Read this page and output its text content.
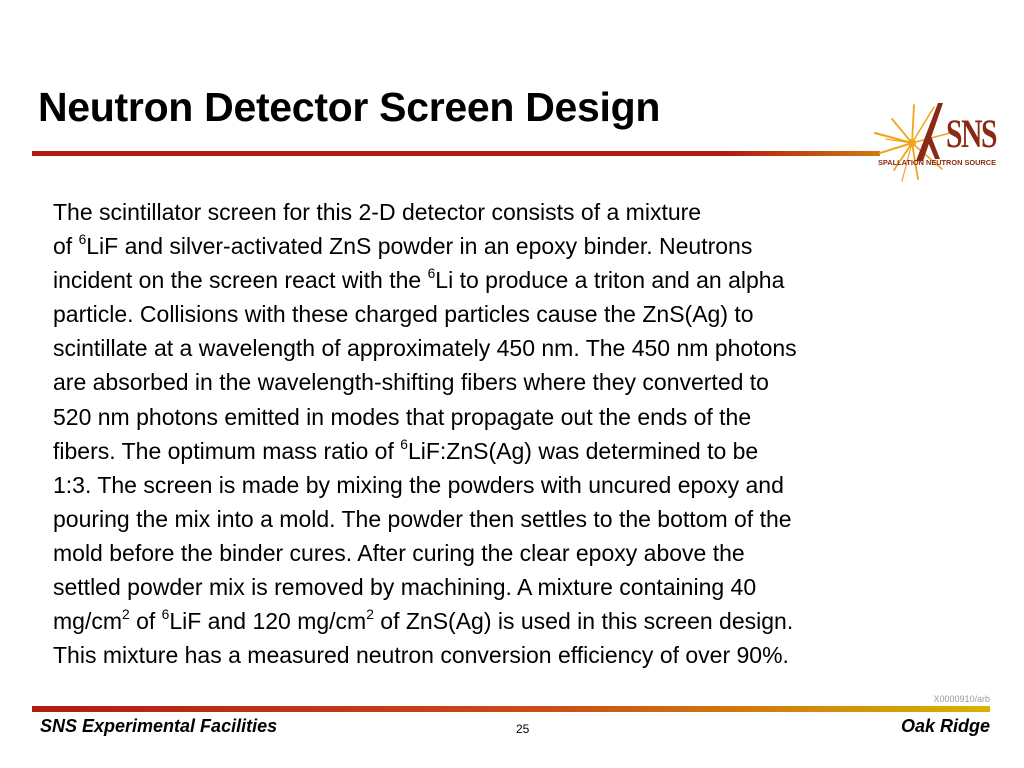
Neutron Detector Screen Design
SNS
SPALLATION NEUTRON SOURCE

The scintillator screen for this 2-D detector consists of a mixture

of $^6$LiF and silver-activated ZnS powder in an epoxy binder. Neutrons

incident on the screen react with the $^6$Li to produce a triton and an alpha

particle. Collisions with these charged particles cause the ZnS(Ag) to

scintillate at a wavelength of approximately 450 nm. The 450 nm photons

are absorbed in the wavelength-shifting fibers where they converted to

520 nm photons emitted in modes that propagate out the ends of the

fibers. The optimum mass ratio of $^6$LiF:ZnS(Ag) was determined to be

1:3. The screen is made by mixing the powders with uncured epoxy and

pouring the mix into a mold. The powder then settles to the bottom of the

mold before the binder cures. After curing the clear epoxy above the

settled powder mix is removed by machining. A mixture containing 40

$mg/cm^2$ of $^6$LiF and 120 $mg/cm^2$ of ZnS(Ag) is used in this screen design.

This mixture has a measured neutron conversion efficiency of over 90%.

X0000910/arb
SNS Experimental Facilities	25	Oak Ridge
